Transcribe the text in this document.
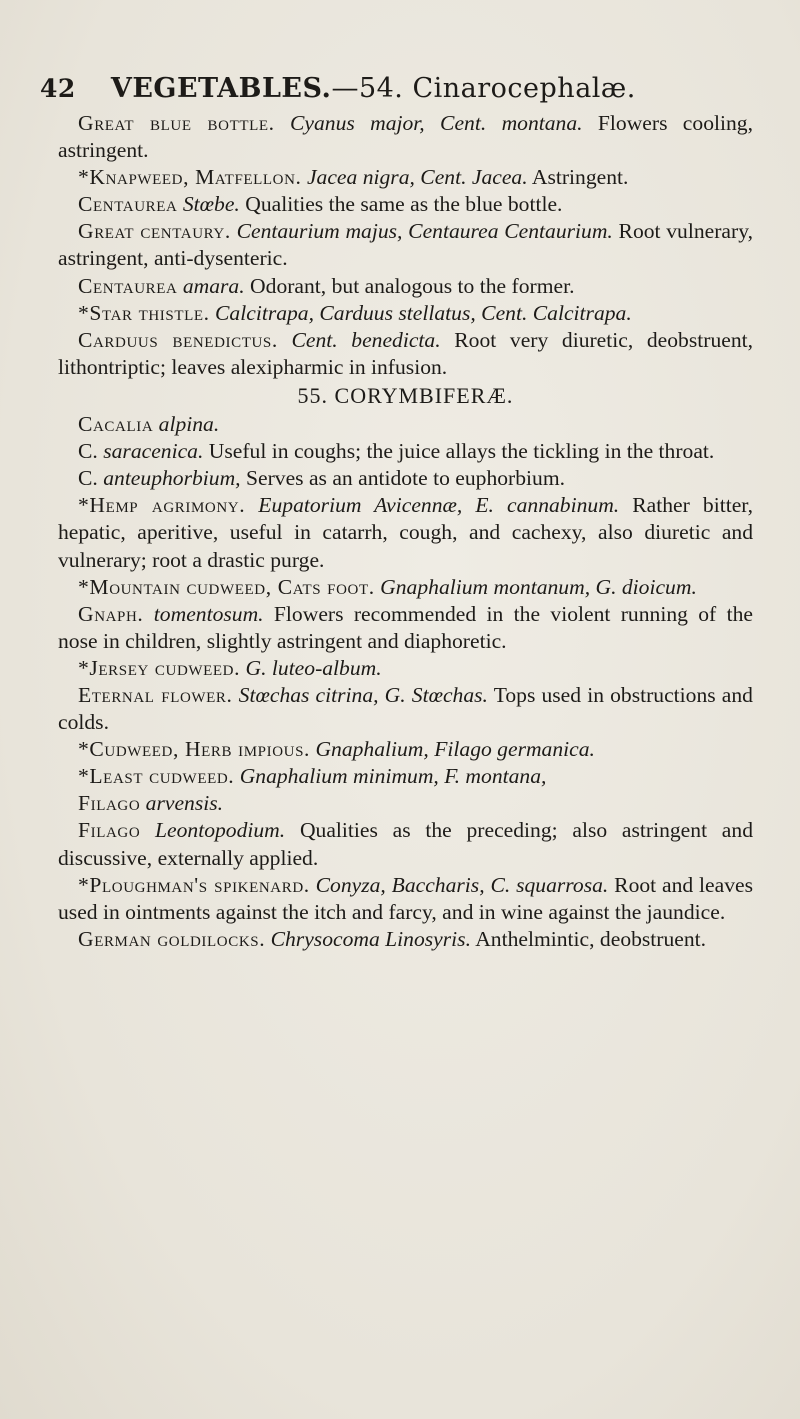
42 VEGETABLES.—54. Cinarocephalæ.

Great blue bottle. Cyanus major, Cent. montana. Flowers cooling, astringent.

*Knapweed, Matfellon. Jacea nigra, Cent. Jacea. Astringent.

Centaurea Stœbe. Qualities the same as the blue bottle.

Great centaury. Centaurium majus, Centaurea Centaurium. Root vulnerary, astringent, anti-dysenteric.

Centaurea amara. Odorant, but analogous to the former.

*Star thistle. Calcitrapa, Carduus stellatus, Cent. Calcitrapa.

Carduus benedictus. Cent. benedicta. Root very diuretic, deobstruent, lithontriptic; leaves alexipharmic in infusion.

55. CORYMBIFERÆ.

Cacalia alpina.

C. saracenica. Useful in coughs; the juice allays the tickling in the throat.

C. anteuphorbium, Serves as an antidote to euphorbium.

*Hemp agrimony. Eupatorium Avicennæ, E. cannabinum. Rather bitter, hepatic, aperitive, useful in catarrh, cough, and cachexy, also diuretic and vulnerary; root a drastic purge.

*Mountain cudweed, Cats foot. Gnaphalium montanum, G. dioicum.

Gnaph. tomentosum. Flowers recommended in the violent running of the nose in children, slightly astringent and diaphoretic.

*Jersey cudweed. G. luteo-album.

Eternal flower. Stœchas citrina, G. Stœchas. Tops used in obstructions and colds.

*Cudweed, Herb impious. Gnaphalium, Filago germanica.

*Least cudweed. Gnaphalium minimum, F. montana,

Filago arvensis.

Filago Leontopodium. Qualities as the preceding; also astringent and discussive, externally applied.

*Ploughman's spikenard. Conyza, Baccharis, C. squarrosa. Root and leaves used in ointments against the itch and farcy, and in wine against the jaundice.

German goldilocks. Chrysocoma Linosyris. Anthelmintic, deobstruent.
